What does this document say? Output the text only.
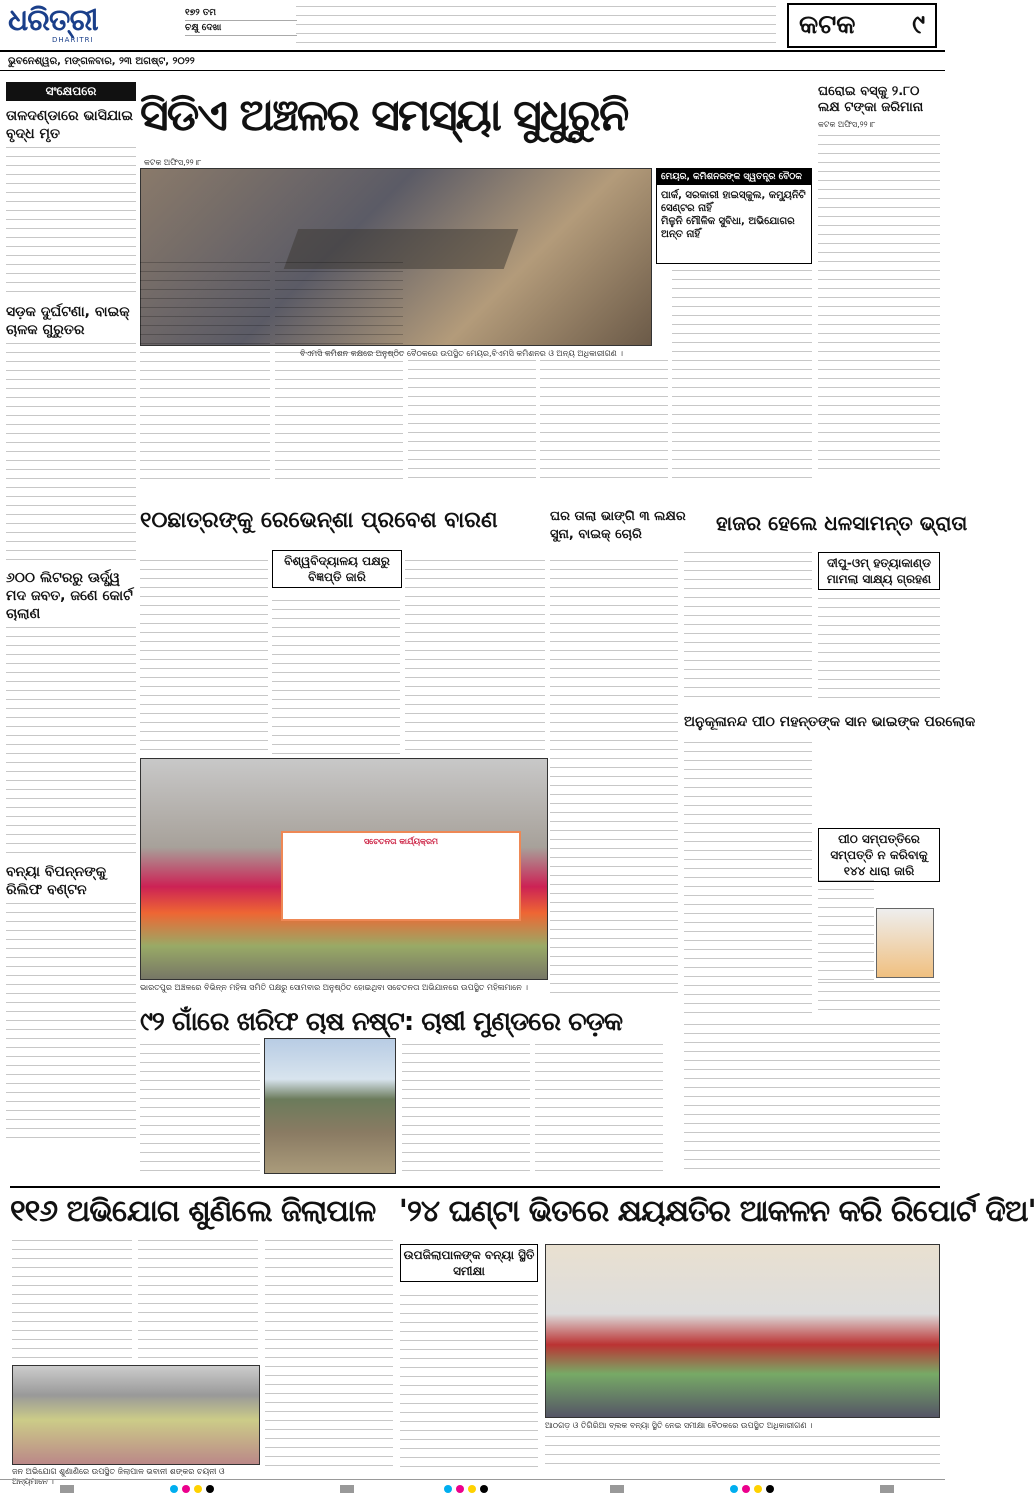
ଧରିତ୍ରୀ
DHARITRI
୧୭୨ ତମ
ଚକ୍ଷୁ ଦେଖା	କଟକ ୯
ଭୁବନେଶ୍ୱର, ମଙ୍ଗଳବାର, ୨୩ ଅଗଷ୍ଟ, ୨୦୨୨
ସଂକ୍ଷେପରେ
ତାଳଦଣ୍ଡାରେ ଭାସିଯାଇ ବୃଦ୍ଧ ମୃତ
ସଡ଼କ ଦୁର୍ଘଟଣା, ବାଇକ୍ ଚାଳକ ଗୁରୁତର
୬୦୦ ଲିଟରରୁ ଊର୍ଦ୍ଧ୍ୱ ମଦ ଜବତ, ଜଣେ କୋର୍ଟ ଚାଲାଣ
ବନ୍ୟା ବିପନ୍ନଙ୍କୁ ରିଲିଫ ବଣ୍ଟନ
ସିଡିଏ ଅଞ୍ଚଳର ସମସ୍ୟା ସୁଧୁରୁନି	ଘରୋଇ ବସ୍‌କୁ ୨.୮୦ ଲକ୍ଷ ଟଙ୍କା ଜରିମାନା
କଟକ ଅଫିସ,୨୨।୮
ବିଏମସି କମିଶନ କକ୍ଷରେ ଅନୁଷ୍ଠିତ ବୈଠକରେ ଉପସ୍ଥିତ ମେୟର,ବିଏମସି କମିଶନର ଓ ଅନ୍ୟ ଅଧିକାରୀଗଣ ।
ମେୟର, କମିଶନରଙ୍କ ସ୍ୱତନ୍ତ୍ର ବୈଠକ
ପାର୍କ, ସରକାରୀ ହାଇସ୍କୁଲ, କମ୍ୟୁନିଟି ସେଣ୍ଟର ନାହିଁ
ମିଳୁନି ମୌଳିକ ସୁବିଧା, ଅଭିଯୋଗର ଅନ୍ତ ନାହିଁ
କଟକ ଅଫିସ,୨୨।୮
୧୦ଛାତ୍ରଙ୍କୁ ରେଭେନ୍‌ଶା ପ୍ରବେଶ ବାରଣ
ବିଶ୍ୱବିଦ୍ୟାଳୟ ପକ୍ଷରୁ ବିଜ୍ଞପ୍ତି ଜାରି
ଘର ତାଲା ଭାଙ୍ଗି ୩ ଲକ୍ଷର ସୁନା, ବାଇକ୍ ଚୋରି	ହାଜର ହେଲେ ଧଳସାମନ୍ତ ଭ୍ରାତା
ଦୀପୁ-ଓମ୍ ହତ୍ୟାକାଣ୍ଡ ମାମଲା ସାକ୍ଷ୍ୟ ଗ୍ରହଣ
ଅନୁକୂଳାନନ୍ଦ ପୀଠ ମହନ୍ତଙ୍କ ସାନ ଭାଇଙ୍କ ପରଲୋକ
ପୀଠ ସମ୍ପତ୍ତିରେ ସମ୍ପତ୍ତି ନ କରିବାକୁ ୧୪୪ ଧାରା ଜାରି
ସଚେତନତା କାର୍ଯ୍ୟକ୍ରମ
ଭାରତପୁର ଅଞ୍ଚଳରେ ବିଭିନ୍ନ ମହିଳା ସମିତି ପକ୍ଷରୁ ସୋମବାର ଅନୁଷ୍ଠିତ ହୋଇଥିବା ସଚେତନତା ଅଭିଯାନରେ ଉପସ୍ଥିତ ମହିଳାମାନେ ।
୯୨ ଗାଁରେ ଖରିଫ ଚାଷ ନଷ୍ଟ: ଚାଷୀ ମୁଣ୍ଡରେ ଚଡ଼କ
୧୧୬ ଅଭିଯୋଗ ଶୁଣିଲେ ଜିଲାପାଳ '୨୪ ଘଣ୍ଟା ଭିତରେ କ୍ଷୟକ୍ଷତିର ଆକଳନ କରି ରିପୋର୍ଟ ଦିଅ'
ଜନ ଅଭିଯୋଗ ଶୁଣାଣିରେ ଉପସ୍ଥିତ ଜିଲାପାଳ ଭବାନୀ ଶଙ୍କର ଚୟନୀ ଓ ଅନ୍ୟମାନେ ।
ଉପଜିଲାପାଳଙ୍କ ବନ୍ୟା ସ୍ଥିତି ସମୀକ୍ଷା
ଆଠଗଡ଼ ଓ ତିଗିରିଆ ବ୍ଲକ ବନ୍ୟା ସ୍ଥିତି ନେଇ ସମୀକ୍ଷା ବୈଠକରେ ଉପସ୍ଥିତ ଅଧିକାରୀଗଣ ।
